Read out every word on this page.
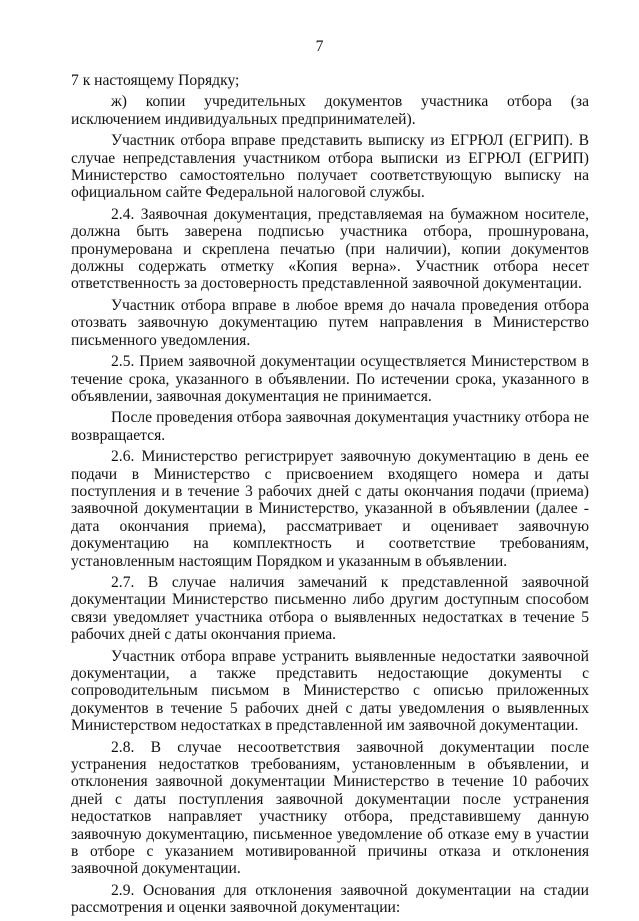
7

7 к настоящему Порядку;

ж) копии учредительных документов участника отбора (за исключением индивидуальных предпринимателей).

Участник отбора вправе представить выписку из ЕГРЮЛ (ЕГРИП). В случае непредставления участником отбора выписки из ЕГРЮЛ (ЕГРИП) Министерство самостоятельно получает соответствующую выписку на официальном сайте Федеральной налоговой службы.

2.4. Заявочная документация, представляемая на бумажном носителе, должна быть заверена подписью участника отбора, прошнурована, пронумерована и скреплена печатью (при наличии), копии документов должны содержать отметку «Копия верна». Участник отбора несет ответственность за достоверность представленной заявочной документации.

Участник отбора вправе в любое время до начала проведения отбора отозвать заявочную документацию путем направления в Министерство письменного уведомления.

2.5. Прием заявочной документации осуществляется Министерством в течение срока, указанного в объявлении. По истечении срока, указанного в объявлении, заявочная документация не принимается.

После проведения отбора заявочная документация участнику отбора не возвращается.

2.6. Министерство регистрирует заявочную документацию в день ее подачи в Министерство с присвоением входящего номера и даты поступления и в течение 3 рабочих дней с даты окончания подачи (приема) заявочной документации в Министерство, указанной в объявлении (далее - дата окончания приема), рассматривает и оценивает заявочную документацию на комплектность и соответствие требованиям, установленным настоящим Порядком и указанным в объявлении.

2.7. В случае наличия замечаний к представленной заявочной документации Министерство письменно либо другим доступным способом связи уведомляет участника отбора о выявленных недостатках в течение 5 рабочих дней с даты окончания приема.

Участник отбора вправе устранить выявленные недостатки заявочной документации, а также представить недостающие документы с сопроводительным письмом в Министерство с описью приложенных документов в течение 5 рабочих дней с даты уведомления о выявленных Министерством недостатках в представленной им заявочной документации.

2.8. В случае несоответствия заявочной документации после устранения недостатков требованиям, установленным в объявлении, и отклонения заявочной документации Министерство в течение 10 рабочих дней с даты поступления заявочной документации после устранения недостатков направляет участнику отбора, представившему данную заявочную документацию, письменное уведомление об отказе ему в участии в отборе с указанием мотивированной причины отказа и отклонения заявочной документации.

2.9. Основания для отклонения заявочной документации на стадии рассмотрения и оценки заявочной документации:
